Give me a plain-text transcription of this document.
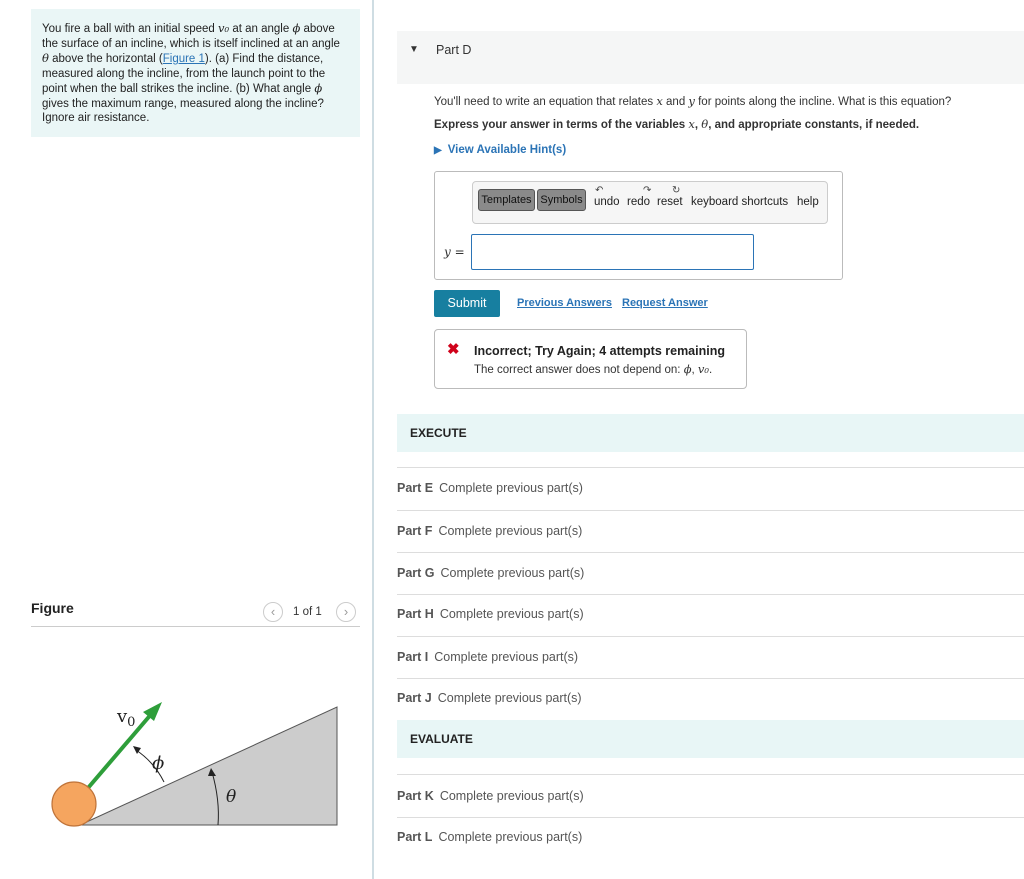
You fire a ball with an initial speed v₀ at an angle ϕ above the surface of an incline, which is itself inclined at an angle θ above the horizontal (Figure 1). (a) Find the distance, measured along the incline, from the launch point to the point when the ball strikes the incline. (b) What angle ϕ gives the maximum range, measured along the incline? Ignore air resistance.
Figure	‹	1 of 1	›
$v_0$
ϕ
θ
▼ Part D
You'll need to write an equation that relates x and y for points along the incline. What is this equation?
Express your answer in terms of the variables x, θ, and appropriate constants, if needed.
▶ View Available Hint(s)
Templates Symbols
↶
undo
↷
redo
↻
reset keyboard shortcuts help
y =
Submit	Previous Answers Request Answer
✖ Incorrect; Try Again; 4 attempts remaining
The correct answer does not depend on: ϕ, v₀.
EXECUTE
Part E Complete previous part(s)
Part F Complete previous part(s)
Part G Complete previous part(s)
Part H Complete previous part(s)
Part I Complete previous part(s)
Part J Complete previous part(s)
EVALUATE
Part K Complete previous part(s)
Part L Complete previous part(s)
